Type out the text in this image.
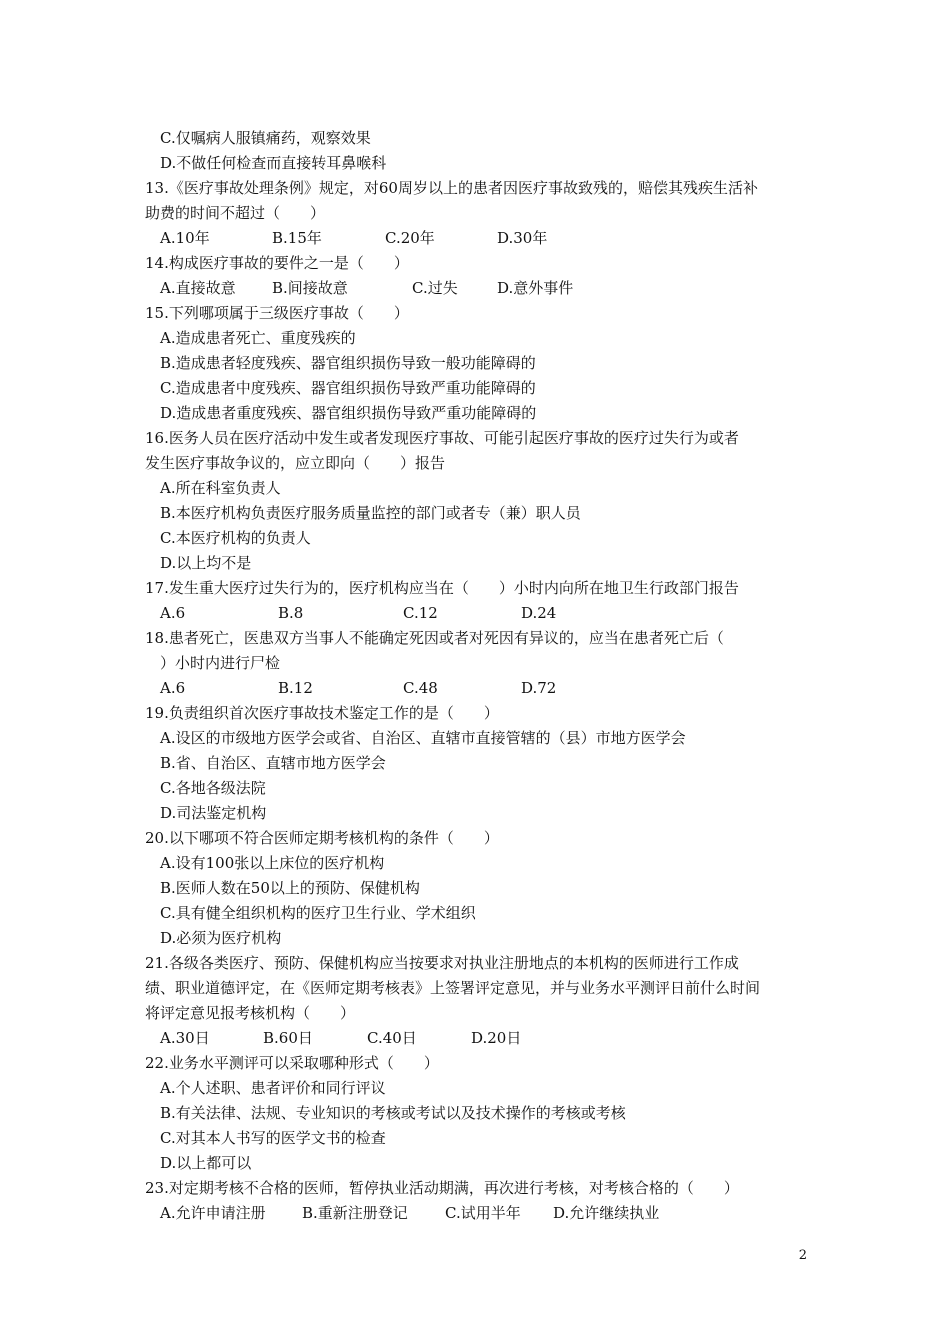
C.仅嘱病人服镇痛药，观察效果
D.不做任何检查而直接转耳鼻喉科
13.《医疗事故处理条例》规定，对60周岁以上的患者因医疗事故致残的，赔偿其残疾生活补
助费的时间不超过（　　）
A.10年	B.15年	C.20年	D.30年
14.构成医疗事故的要件之一是（　　）
A.直接故意 B.间接故意	C.过失	D.意外事件
15.下列哪项属于三级医疗事故（　　）
A.造成患者死亡、重度残疾的
B.造成患者轻度残疾、器官组织损伤导致一般功能障碍的
C.造成患者中度残疾、器官组织损伤导致严重功能障碍的
D.造成患者重度残疾、器官组织损伤导致严重功能障碍的
16.医务人员在医疗活动中发生或者发现医疗事故、可能引起医疗事故的医疗过失行为或者
发生医疗事故争议的，应立即向（　　）报告
A.所在科室负责人
B.本医疗机构负责医疗服务质量监控的部门或者专（兼）职人员
C.本医疗机构的负责人
D.以上均不是
17.发生重大医疗过失行为的，医疗机构应当在（　　）小时内向所在地卫生行政部门报告
A.6	B.8	C.12	D.24
18.患者死亡，医患双方当事人不能确定死因或者对死因有异议的，应当在患者死亡后（
　）小时内进行尸检
A.6	B.12	C.48	D.72
19.负责组织首次医疗事故技术鉴定工作的是（　　）
A.设区的市级地方医学会或省、自治区、直辖市直接管辖的（县）市地方医学会
B.省、自治区、直辖市地方医学会
C.各地各级法院
D.司法鉴定机构
20.以下哪项不符合医师定期考核机构的条件（　　）
A.设有100张以上床位的医疗机构
B.医师人数在50以上的预防、保健机构
C.具有健全组织机构的医疗卫生行业、学术组织
D.必须为医疗机构
21.各级各类医疗、预防、保健机构应当按要求对执业注册地点的本机构的医师进行工作成
绩、职业道德评定，在《医师定期考核表》上签署评定意见，并与业务水平测评日前什么时间
将评定意见报考核机构（　　）
A.30日	B.60日	C.40日	D.20日
22.业务水平测评可以采取哪种形式（　　）
A.个人述职、患者评价和同行评议
B.有关法律、法规、专业知识的考核或考试以及技术操作的考核或考核
C.对其本人书写的医学文书的检查
D.以上都可以
23.对定期考核不合格的医师，暂停执业活动期满，再次进行考核，对考核合格的（　　）
A.允许申请注册 B.重新注册登记 C.试用半年 D.允许继续执业
2
